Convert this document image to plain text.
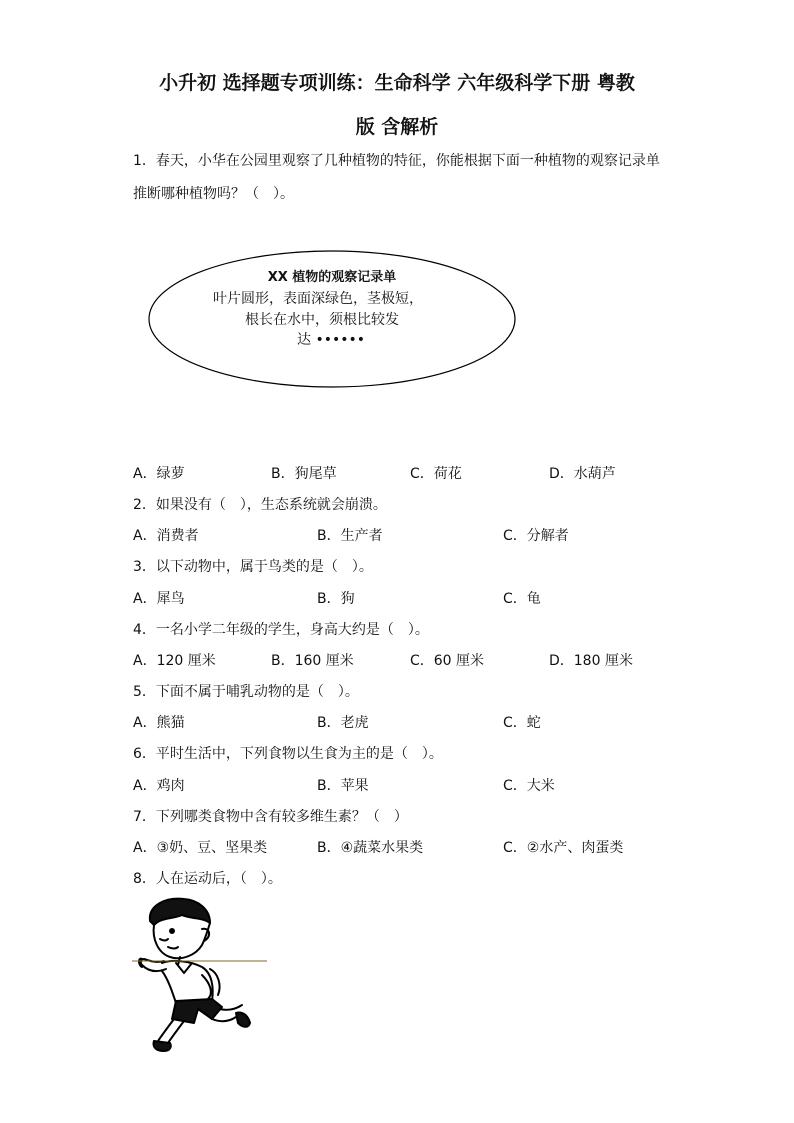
小升初 选择题专项训练：生命科学 六年级科学下册 粤教
版 含解析
1．春天，小华在公园里观察了几种植物的特征，你能根据下面一种植物的观察记录单
推断哪种植物吗？（　）。
XX 植物的观察记录单
叶片圆形，表面深绿色，茎极短，
根长在水中，须根比较发
达 ••••••
A．绿萝	B．狗尾草	C．荷花	D．水葫芦
2．如果没有（　），生态系统就会崩溃。
A．消费者	B．生产者	C．分解者
3．以下动物中，属于鸟类的是（　）。
A．犀鸟	B．狗	C．龟
4．一名小学二年级的学生，身高大约是（　）。
A．120 厘米	B．160 厘米	C．60 厘米	D．180 厘米
5．下面不属于哺乳动物的是（　）。
A．熊猫	B．老虎	C．蛇
6．平时生活中，下列食物以生食为主的是（　）。
A．鸡肉	B．苹果	C．大米
7．下列哪类食物中含有较多维生素？（　）
A．③奶、豆、坚果类	B．④蔬菜水果类	C．②水产、肉蛋类
8．人在运动后，（　）。
